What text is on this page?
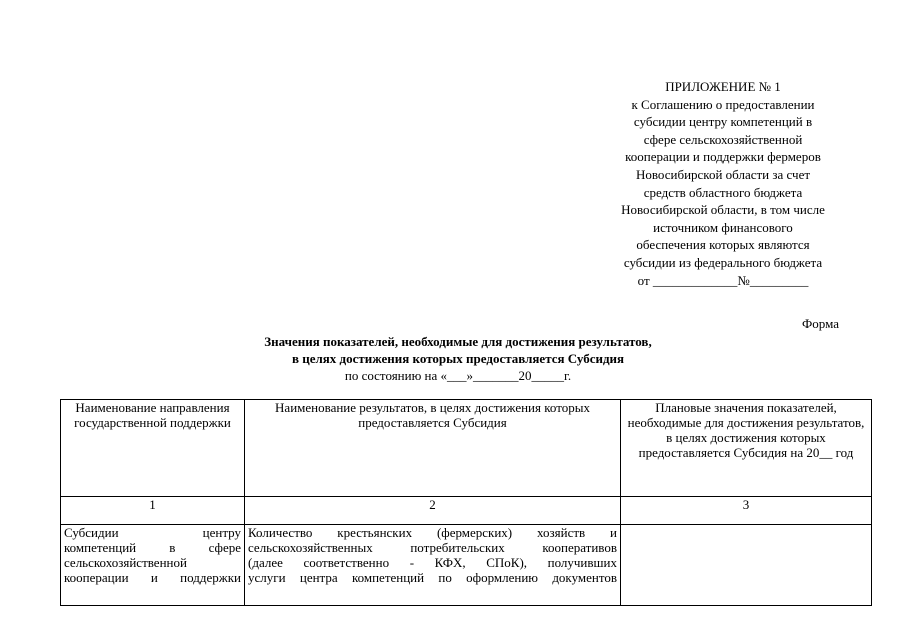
ПРИЛОЖЕНИЕ № 1
к Соглашению о предоставлении
субсидии центру компетенций в
сфере сельскохозяйственной
кооперации и поддержки фермеров
Новосибирской области за счет
средств областного бюджета
Новосибирской области, в том числе
источником финансового
обеспечения которых являются
субсидии из федерального бюджета
от _____________№_________
Форма
Значения показателей, необходимые для достижения результатов,
в целях достижения которых предоставляется Субсидия
по состоянию на «___»_______20_____г.
Наименование направления государственной поддержки	Наименование результатов, в целях достижения которых предоставляется Субсидия	Плановые значения показателей, необходимые для достижения результатов, в целях достижения которых предоставляется Субсидия на 20__ год
1	2	3

Субсидии центру
компетенций в сфере
сельскохозяйственной
кооперации и поддержки	Количество крестьянских (фермерских) хозяйств и
сельскохозяйственных потребительских кооперативов
(далее соответственно - КФХ, СПоК), получивших
услуги центра компетенций по оформлению документов	
